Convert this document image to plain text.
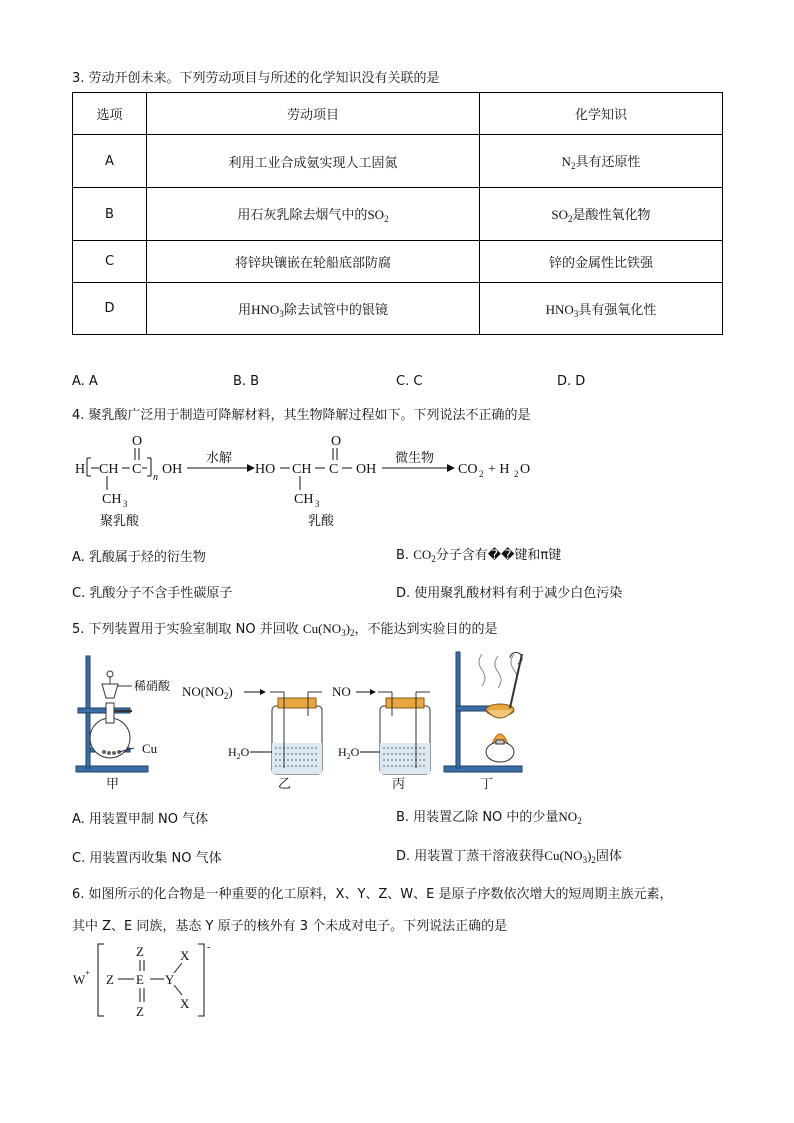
3. 劳动开创未来。下列劳动项目与所述的化学知识没有关联的是
选项	劳动项目	化学知识
A	利用工业合成氨实现人工固氮	$N_2$具有还原性
B	用石灰乳除去烟气中的$SO_2$	$SO_2$是酸性氧化物
C	将锌块镶嵌在轮船底部防腐	锌的金属性比铁强
D	用$HNO_3$除去试管中的银镜	$HNO_3$具有强氧化性
A. A	B. B	C. C	D. D
4. 聚乳酸广泛用于制造可降解材料，其生物降解过程如下。下列说法不正确的是
H CH C
n
OH
O
CH 3
聚乳酸
水解
HO CH C OH
O
CH 3
乳酸
微生物
CO 2 + H 2 O
A. 乳酸属于烃的衍生物	B. $CO_2$分子含有��键和π键
C. 乳酸分子不含手性碳原子	D. 使用聚乳酸材料有利于减少白色污染
5. 下列装置用于实验室制取 NO 并回收 $Cu(NO_3)_2$，不能达到实验目的的是
稀硝酸
Cu
甲
$NO(NO_2)$
$H_2O$
乙
NO
$H_2O$
丙	丁
A. 用装置甲制 NO 气体	B. 用装置乙除 NO 中的少量$NO_2$
C. 用装置丙收集 NO 气体	D. 用装置丁蒸干溶液获得$Cu(NO_3)_2$固体
6. 如图所示的化合物是一种重要的化工原料，X、Y、Z、W、E 是原子序数依次增大的短周期主族元素，
其中 Z、E 同族，基态 Y 原子的核外有 3 个未成对电子。下列说法正确的是
W +
-
Z E
Z
Z
Y
X
X
